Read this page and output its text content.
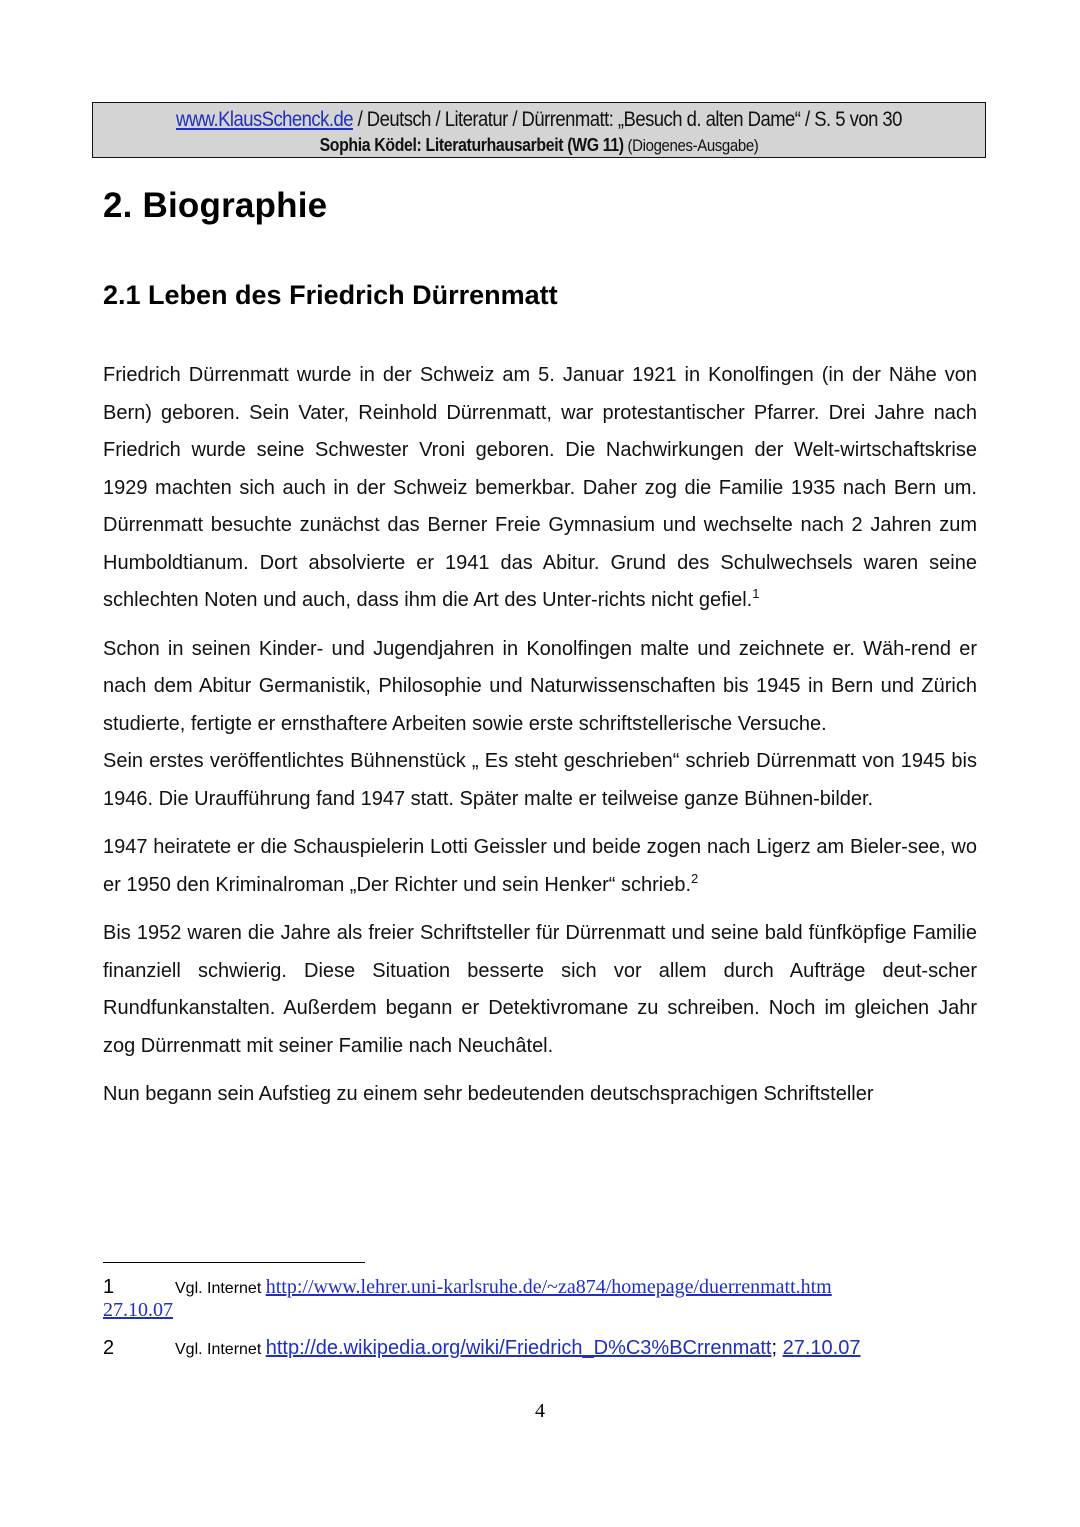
www.KlausSchenck.de / Deutsch / Literatur / Dürrenmatt: „Besuch d. alten Dame“ / S. 5 von 30
Sophia Ködel: Literaturhausarbeit (WG 11) (Diogenes-Ausgabe)
2. Biographie
2.1 Leben des Friedrich Dürrenmatt

Friedrich Dürrenmatt wurde in der Schweiz am 5. Januar 1921 in Konolfingen (in der Nähe von Bern) geboren. Sein Vater, Reinhold Dürrenmatt, war protestantischer Pfarrer. Drei Jahre nach Friedrich wurde seine Schwester Vroni geboren. Die Nachwirkungen der Welt-wirtschaftskrise 1929 machten sich auch in der Schweiz bemerkbar. Daher zog die Familie 1935 nach Bern um. Dürrenmatt besuchte zunächst das Berner Freie Gymnasium und wechselte nach 2 Jahren zum Humboldtianum. Dort absolvierte er 1941 das Abitur. Grund des Schulwechsels waren seine schlechten Noten und auch, dass ihm die Art des Unter-richts nicht gefiel.$^1$

Schon in seinen Kinder- und Jugendjahren in Konolfingen malte und zeichnete er. Wäh-rend er nach dem Abitur Germanistik, Philosophie und Naturwissenschaften bis 1945 in Bern und Zürich studierte, fertigte er ernsthaftere Arbeiten sowie erste schriftstellerische Versuche.

Sein erstes veröffentlichtes Bühnenstück „ Es steht geschrieben“ schrieb Dürrenmatt von 1945 bis 1946. Die Uraufführung fand 1947 statt. Später malte er teilweise ganze Bühnen-bilder.

1947 heiratete er die Schauspielerin Lotti Geissler und beide zogen nach Ligerz am Bieler-see, wo er 1950 den Kriminalroman „Der Richter und sein Henker“ schrieb.$^2$

Bis 1952 waren die Jahre als freier Schriftsteller für Dürrenmatt und seine bald fünfköpfige Familie finanziell schwierig. Diese Situation besserte sich vor allem durch Aufträge deut-scher Rundfunkanstalten. Außerdem begann er Detektivromane zu schreiben. Noch im gleichen Jahr zog Dürrenmatt mit seiner Familie nach Neuchâtel.

Nun begann sein Aufstieg zu einem sehr bedeutenden deutschsprachigen Schriftsteller

1	Vgl. Internet http://www.lehrer.uni-karlsruhe.de/~za874/homepage/duerrenmatt.htm
27.10.07
2	Vgl. Internet http://de.wikipedia.org/wiki/Friedrich_D%C3%BCrrenmatt; 27.10.07
4
